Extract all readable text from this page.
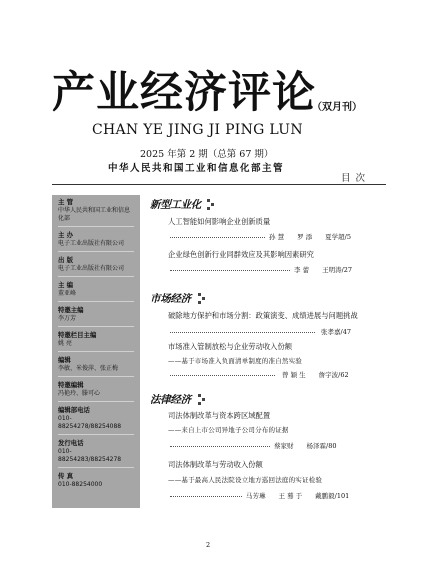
产业经济评论
（双月刊）
CHAN YE JING JI PING LUN
2025 年第 2 期（总第 67 期）
中华人民共和国工业和信息化部主管
目 次
主 管
中华人民共和国工业和信息化部
主 办
电子工业出版社有限公司
出 版
电子工业出版社有限公司
主 编
董亚峰
特邀主编
李万芳
特邀栏目主编
姚 亮
编辑
李敏、米俊萍、张正梅
特邀编辑
冯艳玲、滕可心
编辑部电话
010-88254278/88254088
发行电话
010-88254283/88254278
传 真
010-88254000
新型工业化
人工智能如何影响企业创新质量
孙 慧　　罗 添　　夏学超/5
企业绿色创新行业同群效应及其影响因素研究
李 蕾　　王明涛/27
市场经济
破除地方保护和市场分割：政策演变、成绩进展与问题挑战
张孝嘉/47
市场准入管制放松与企业劳动收入份额
——基于市场准入负面清单制度的准自然实验
曾 颖 生　　詹宇波/62
法律经济
司法体制改革与资本跨区域配置
——来自上市公司异地子公司分布的证据
蔡家财　　杨泽霖/80
司法体制改革与劳动收入份额
——基于最高人民法院设立地方巡回法庭的实证检验
马芳琳　　王 蓦 于　　戴鹏毅/101
2
